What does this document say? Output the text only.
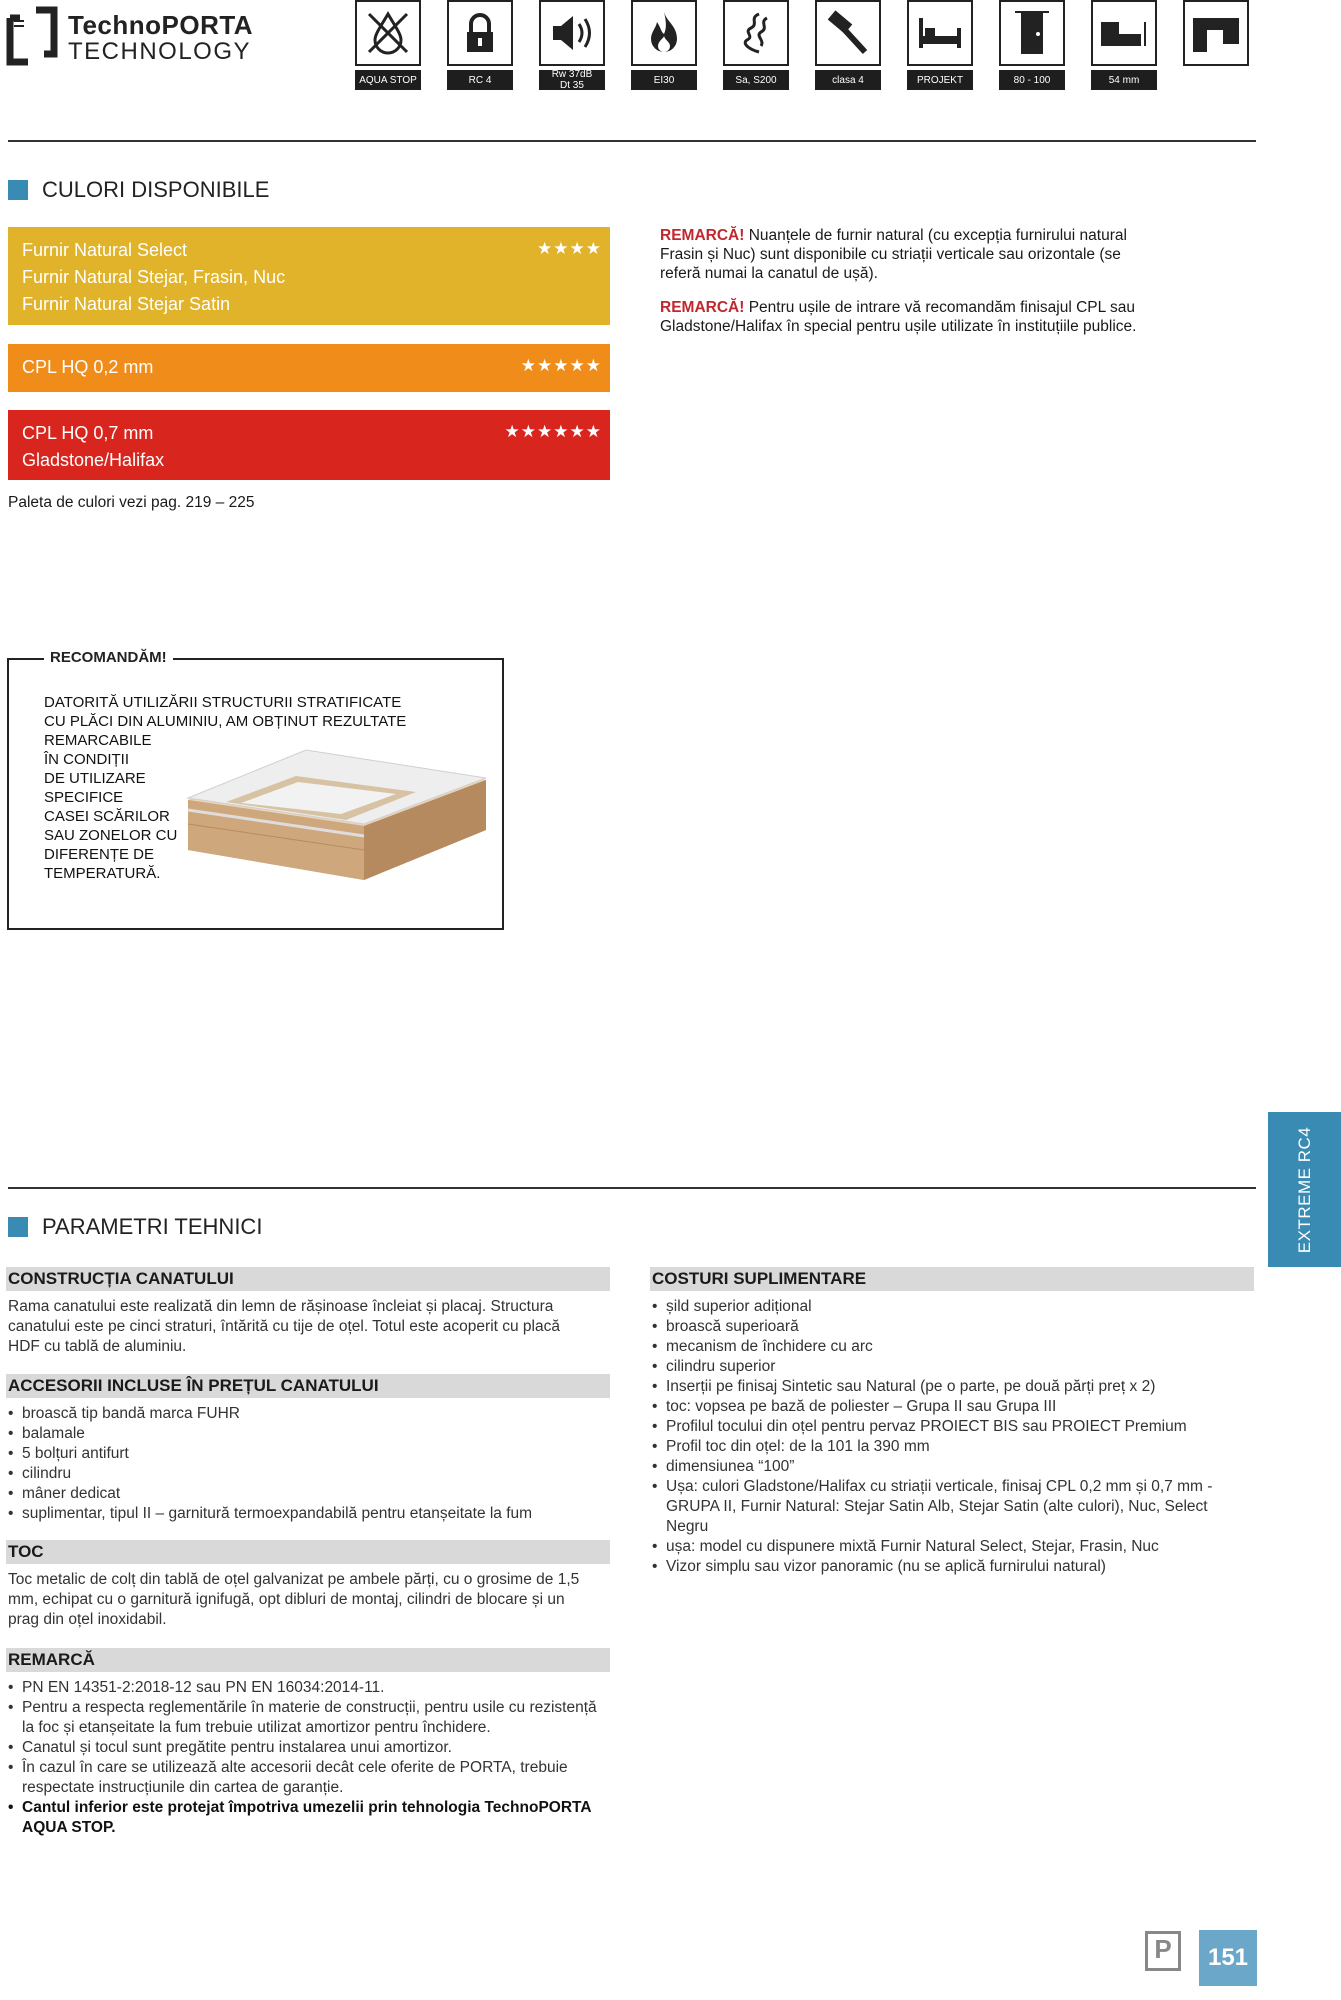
TechnoPORTA
TECHNOLOGY
AQUA STOP	RC 4	Rw 37dB
Dt 35	EI30	Sa, S200	clasa 4	PROJEKT	80 - 100	54 mm
CULORI DISPONIBILE
Furnir Natural Select
Furnir Natural Stejar, Frasin, Nuc
Furnir Natural Stejar Satin
★★★★
CPL HQ 0,2 mm	★★★★★
CPL HQ 0,7 mm
Gladstone/Halifax
★★★★★★
Paleta de culori vezi pag. 219 – 225
REMARCĂ! Nuanțele de furnir natural (cu excepția furnirului natural Frasin și Nuc) sunt disponibile cu striații verticale sau orizontale (se referă numai la canatul de ușă).
REMARCĂ! Pentru ușile de intrare vă recomandăm finisajul CPL sau Gladstone/Halifax în special pentru ușile utilizate în instituțiile publice.
RECOMANDĂM!
DATORITĂ UTILIZĂRII STRUCTURII STRATIFICATE
CU PLĂCI DIN ALUMINIU, AM OBȚINUT REZULTATE
REMARCABILE
ÎN CONDIȚII
DE UTILIZARE
SPECIFICE
CASEI SCĂRILOR
SAU ZONELOR CU
DIFERENȚE DE
TEMPERATURĂ.
EXTREME RC4
PARAMETRI TEHNICI
CONSTRUCȚIA CANATULUI
Rama canatului este realizată din lemn de rășinoase încleiat și placaj. Structura canatului este pe cinci straturi, întărită cu tije de oțel. Totul este acoperit cu placă HDF cu tablă de aluminiu.
ACCESORII INCLUSE ÎN PREȚUL CANATULUI
• broască tip bandă marca FUHR
• balamale
• 5 bolțuri antifurt
• cilindru
• mâner dedicat
• suplimentar, tipul II – garnitură termoexpandabilă pentru etanșeitate la fum
TOC
Toc metalic de colț din tablă de oțel galvanizat pe ambele părți, cu o grosime de 1,5 mm, echipat cu o garnitură ignifugă, opt dibluri de montaj, cilindri de blocare și un prag din oțel inoxidabil.
REMARCĂ
• PN EN 14351-2:2018-12 sau PN EN 16034:2014-11.
• Pentru a respecta reglementările în materie de construcții, pentru usile cu rezistență la foc și etanșeitate la fum trebuie utilizat amortizor pentru închidere.
• Canatul și tocul sunt pregătite pentru instalarea unui amortizor.
• În cazul în care se utilizează alte accesorii decât cele oferite de PORTA, trebuie respectate instrucțiunile din cartea de garanție.
• Cantul inferior este protejat împotriva umezelii prin tehnologia TechnoPORTA AQUA STOP.
COSTURI SUPLIMENTARE
• șild superior adițional
• broască superioară
• mecanism de închidere cu arc
• cilindru superior
• Inserții pe finisaj Sintetic sau Natural (pe o parte, pe două părți preț x 2)
• toc: vopsea pe bază de poliester – Grupa II sau Grupa III
• Profilul tocului din oțel pentru pervaz PROIECT BIS sau PROIECT Premium
• Profil toc din oțel: de la 101 la 390 mm
• dimensiunea “100”
• Ușa: culori Gladstone/Halifax cu striații verticale, finisaj CPL 0,2 mm și 0,7 mm - GRUPA II, Furnir Natural: Stejar Satin Alb, Stejar Satin (alte culori), Nuc, Select Negru
• ușa: model cu dispunere mixtă Furnir Natural Select, Stejar, Frasin, Nuc
• Vizor simplu sau vizor panoramic (nu se aplică furnirului natural)
P	151
